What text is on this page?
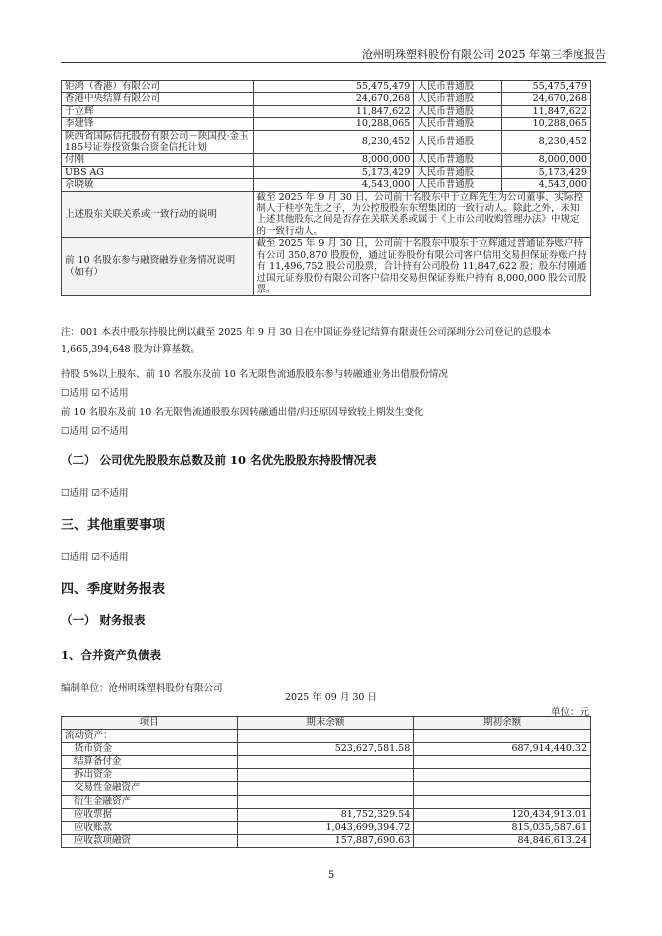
沧州明珠塑料股份有限公司 2025 年第三季度报告
钜鸿（香港）有限公司	55,475,479	人民币普通股	55,475,479
香港中央结算有限公司	24,670,268	人民币普通股	24,670,268
于立辉	11,847,622	人民币普通股	11,847,622
李建锋	10,288,065	人民币普通股	10,288,065
陕西省国际信托股份有限公司－陕国投·金玉185号证券投资集合资金信托计划	8,230,452	人民币普通股	8,230,452
付刚	8,000,000	人民币普通股	8,000,000
UBS AG	5,173,429	人民币普通股	5,173,429
佘晓敏	4,543,000	人民币普通股	4,543,000
上述股东关联关系或一致行动的说明	截至 2025 年 9 月 30 日，公司前十名股东中于立辉先生为公司董事、实际控制人于桂亭先生之子，为公控股股东东塑集团的一致行动人。除此之外，未知上述其他股东之间是否存在关联关系或属于《上市公司收购管理办法》中规定的一致行动人。		
前 10 名股东参与融资融券业务情况说明（如有）	截至 2025 年 9 月 30 日，公司前十名股东中股东于立辉通过普通证券账户持有公司 350,870 股股份，通过证券股份有限公司客户信用交易担保证券账户持有 11,496,752 股公司股票，合计持有公司股份 11,847,622 股；股东付刚通过国元证券股份有限公司客户信用交易担保证券账户持有 8,000,000 股公司股票。		
注：001 本表中股东持股比例以截至 2025 年 9 月 30 日在中国证券登记结算有限责任公司深圳分公司登记的总股本 1,665,394,648 股为计算基数。
持股 5%以上股东、前 10 名股东及前 10 名无限售流通股股东参与转融通业务出借股份情况
☐适用 ☑不适用
前 10 名股东及前 10 名无限售流通股股东因转融通出借/归还原因导致较上期发生变化
☐适用 ☑不适用
（二） 公司优先股股东总数及前 10 名优先股股东持股情况表
☐适用 ☑不适用
三、其他重要事项
☐适用 ☑不适用
四、季度财务报表
（一） 财务报表
1、合并资产负债表
编制单位：沧州明珠塑料股份有限公司
2025 年 09 月 30 日
单位：元
项目	期末余额	期初余额
流动资产：		
货币资金	523,627,581.58	687,914,440.32
结算备付金		
拆出资金		
交易性金融资产		
衍生金融资产		
应收票据	81,752,329.54	120,434,913.01
应收账款	1,043,699,394.72	815,035,587.61
应收款项融资	157,887,690.63	84,846,613.24
5
